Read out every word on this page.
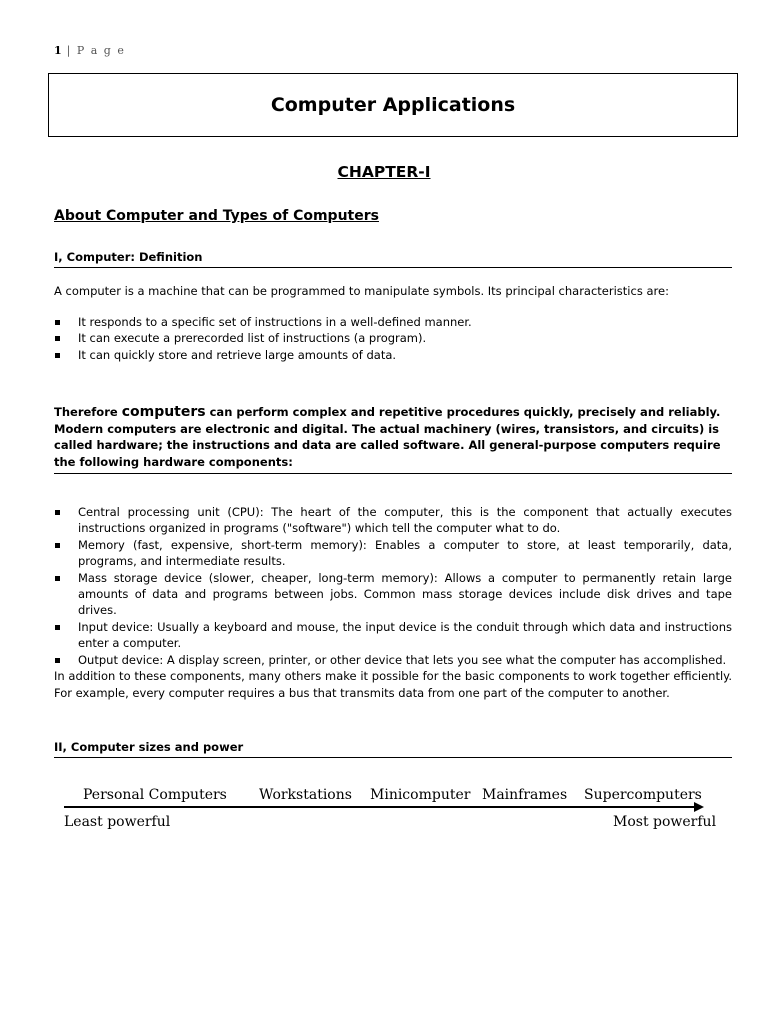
1 | P a g e
Computer Applications
CHAPTER-I
About Computer and Types of Computers
I, Computer: Definition
A computer is a machine that can be programmed to manipulate symbols. Its principal characteristics are:
It responds to a specific set of instructions in a well-defined manner.
It can execute a prerecorded list of instructions (a program).
It can quickly store and retrieve large amounts of data.
Therefore computers can perform complex and repetitive procedures quickly, precisely and reliably. Modern computers are electronic and digital. The actual machinery (wires, transistors, and circuits) is called hardware; the instructions and data are called software. All general-purpose computers require the following hardware components:
Central processing unit (CPU): The heart of the computer, this is the component that actually executes instructions organized in programs ("software") which tell the computer what to do.
Memory (fast, expensive, short-term memory): Enables a computer to store, at least temporarily, data, programs, and intermediate results.
Mass storage device (slower, cheaper, long-term memory): Allows a computer to permanently retain large amounts of data and programs between jobs. Common mass storage devices include disk drives and tape drives.
Input device: Usually a keyboard and mouse, the input device is the conduit through which data and instructions enter a computer.
Output device: A display screen, printer, or other device that lets you see what the computer has accomplished.
In addition to these components, many others make it possible for the basic components to work together efficiently. For example, every computer requires a bus that transmits data from one part of the computer to another.
II, Computer sizes and power
Personal Computers Workstations Minicomputer Mainframes Supercomputers
Least powerful	Most powerful
